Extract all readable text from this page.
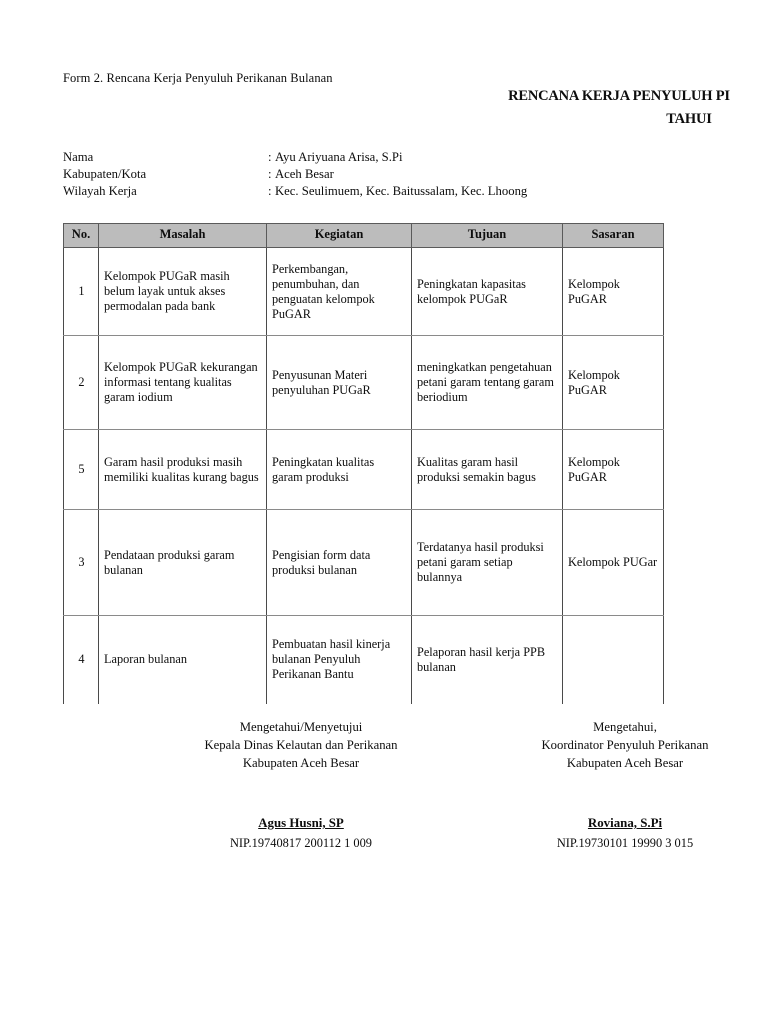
Form 2. Rencana Kerja Penyuluh Perikanan Bulanan
RENCANA KERJA PENYULUH PI
TAHUI
Nama	: Ayu Ariyuana Arisa, S.Pi
Kabupaten/Kota	: Aceh Besar
Wilayah Kerja	: Kec. Seulimuem, Kec. Baitussalam, Kec. Lhoong
No.	Masalah	Kegiatan	Tujuan	Sasaran
1	Kelompok PUGaR masih belum layak untuk akses permodalan pada bank	Perkembangan, penumbuhan, dan penguatan kelompok PuGAR	Peningkatan kapasitas kelompok PUGaR	Kelompok PuGAR
2	Kelompok PUGaR kekurangan informasi tentang kualitas garam iodium	Penyusunan Materi penyuluhan PUGaR	meningkatkan pengetahuan petani garam tentang garam beriodium	Kelompok PuGAR
5	Garam hasil produksi masih memiliki kualitas kurang bagus	Peningkatan kualitas garam produksi	Kualitas garam hasil produksi semakin bagus	Kelompok PuGAR
3	Pendataan produksi garam bulanan	Pengisian form data produksi bulanan	Terdatanya hasil produksi petani garam setiap bulannya	Kelompok PUGar
4	Laporan bulanan	Pembuatan hasil kinerja bulanan Penyuluh Perikanan Bantu	Pelaporan hasil kerja PPB bulanan	
Mengetahui/Menyetujui
Kepala Dinas Kelautan dan Perikanan
Kabupaten Aceh Besar
Agus Husni, SP
NIP.19740817 200112 1 009
Mengetahui,
Koordinator Penyuluh Perikanan
Kabupaten Aceh Besar
Roviana, S.Pi
NIP.19730101 19990 3 015
